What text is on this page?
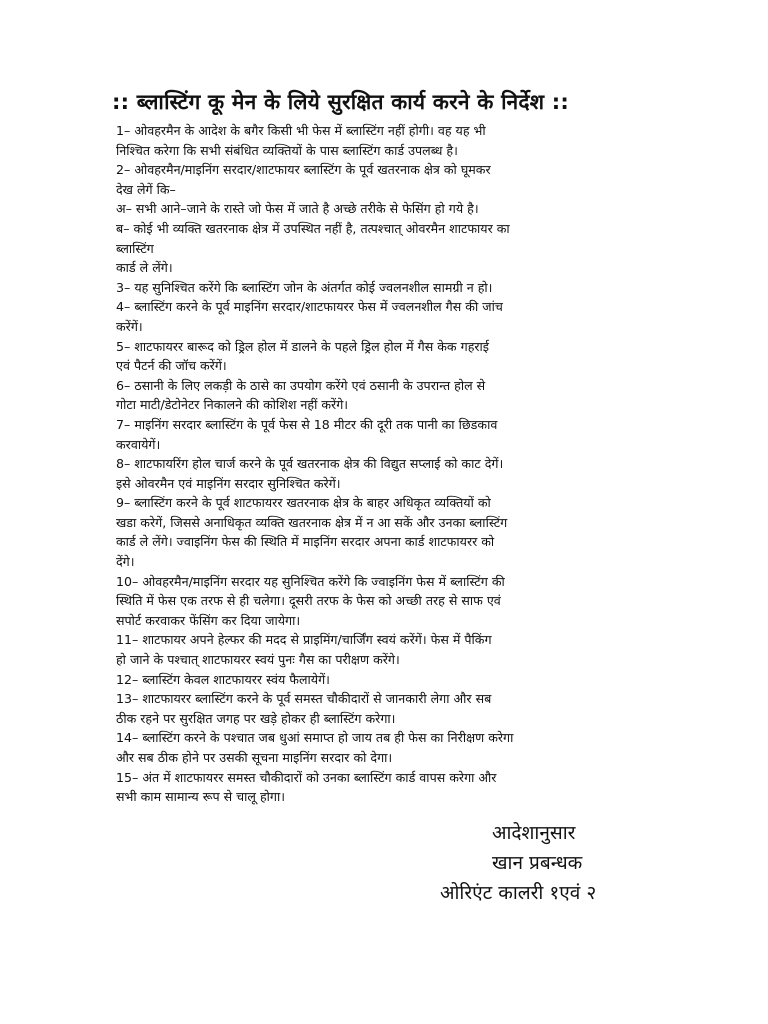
:: ब्लास्टिंग कू मेन के लिये सुरक्षित कार्य करने के निर्देश ::
1– ओवहरमैन के आदेश के बगैर किसी भी फेस में ब्लास्टिंग नहीं होगी। वह यह भी
निश्चित करेगा कि सभी संबंधित व्यक्तियों के पास ब्लास्टिंग कार्ड उपलब्ध है।
2– ओवहरमैन/माइनिंग सरदार/शाटफायर ब्लास्टिंग के पूर्व खतरनाक क्षेत्र को घूमकर
देख लेगें कि–
अ– सभी आने–जाने के रास्ते जो फेस में जाते है अच्छे तरीके से फेसिंग हो गये है।
ब– कोई भी व्यक्ति खतरनाक क्षेत्र में उपस्थित नहीं है, तत्पश्चात् ओवरमैन शाटफायर का
ब्लास्टिंग
कार्ड ले लेंगे।
3– यह सुनिश्चित करेंगे कि ब्लास्टिंग जोन के अंतर्गत कोई ज्वलनशील सामग्री न हो।
4– ब्लास्टिंग करने के पूर्व माइनिंग सरदार/शाटफायरर फेस में ज्वलनशील गैस की जांच
करेंगें।
5– शाटफायरर बारूद को ड्रिल होल में डालने के पहले ड्रिल होल में गैस केक गहराई
एवं पैटर्न की जॉच करेंगें।
6– ठसानी के लिए लकड़ी के ठासे का उपयोग करेंगे एवं ठसानी के उपरान्त होल से
गोटा माटी/डेटोनेटर निकालने की कोशिश नहीं करेंगे।
7– माइनिंग सरदार ब्लास्टिंग के पूर्व फेस से 18 मीटर की दूरी तक पानी का छिडकाव
करवायेगें।
8– शाटफायरिंग होल चार्ज करने के पूर्व खतरनाक क्षेत्र की विद्युत सप्लाई को काट देगें।
इसे ओवरमैन एवं माइनिंग सरदार सुनिश्चित करेगें।
9– ब्लास्टिंग करने के पूर्व शाटफायरर खतरनाक क्षेत्र के बाहर अधिकृत व्यक्तियों को
खडा करेगें, जिससे अनाधिकृत व्यक्ति खतरनाक क्षेत्र में न आ सकें और उनका ब्लास्टिंग
कार्ड ले लेंगे। ज्वाइनिंग फेस की स्थिति में माइनिंग सरदार अपना कार्ड शाटफायरर को
देंगे।
10– ओवहरमैन/माइनिंग सरदार यह सुनिश्चित करेंगे कि ज्वाइनिंग फेस में ब्लास्टिंग की
स्थिति में फेस एक तरफ से ही चलेगा। दूसरी तरफ के फेस को अच्छी तरह से साफ एवं
सपोर्ट करवाकर फेंसिंग कर दिया जायेगा।
11– शाटफायर अपने हेल्फर की मदद से प्राइमिंग/चार्जिंग स्वयं करेंगें। फेस में पैकिंग
हो जाने के पश्चात् शाटफायरर स्वयं पुनः गैस का परीक्षण करेंगे।
12– ब्लास्टिंग केवल शाटफायरर स्वंय फैलायेगें।
13– शाटफायरर ब्लास्टिंग करने के पूर्व समस्त चौकीदारों से जानकारी लेगा और सब
ठीक रहने पर सुरक्षित जगह पर खड़े होकर ही ब्लास्टिंग करेगा।
14– ब्लास्टिंग करने के पश्चात जब धुआं समाप्त हो जाय तब ही फेस का निरीक्षण करेगा
और सब ठीक होने पर उसकी सूचना माइनिंग सरदार को देगा।
15– अंत में शाटफायरर समस्त चौकीदारों को उनका ब्लास्टिंग कार्ड वापस करेगा और
सभी काम सामान्य रूप से चालू होगा।
आदेशानुसार
खान प्रबन्धक
ओरिएंट कालरी १एवं २
